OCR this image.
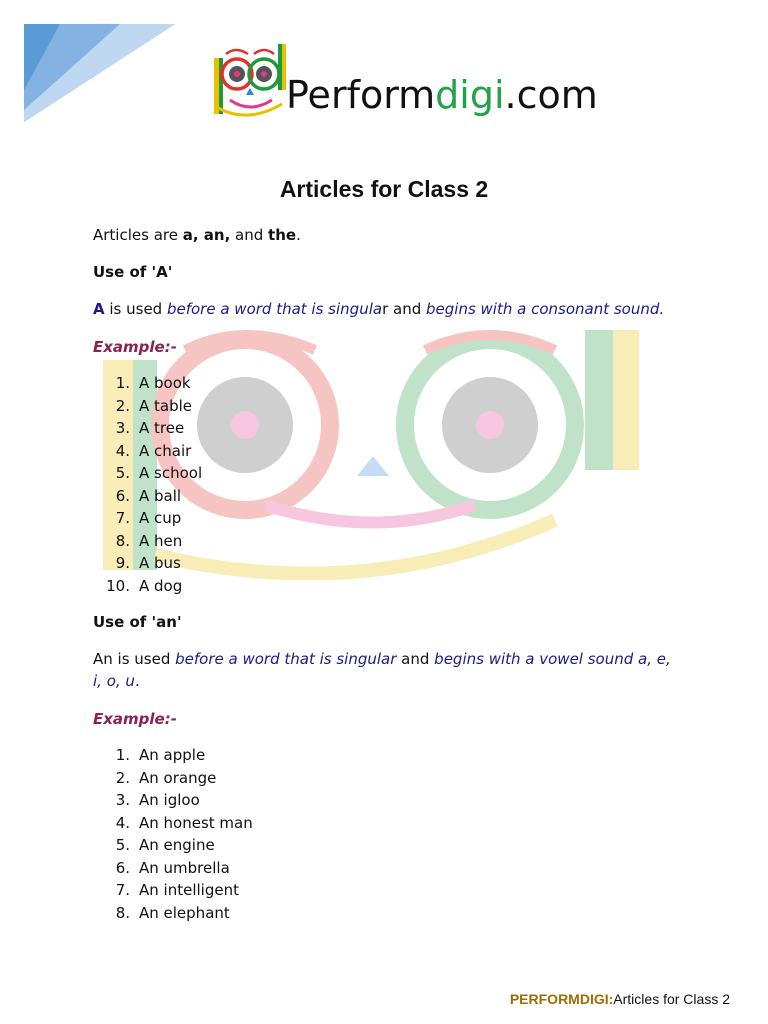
Performdigi.com
Articles for Class 2
Articles are a, an, and the.
Use of 'A'
A is used before a word that is singular and begins with a consonant sound.
Example:-
1. A book
2. A table
3. A tree
4. A chair
5. A school
6. A ball
7. A cup
8. A hen
9. A bus
10. A dog
Use of 'an'
An is used before a word that is singular and begins with a vowel sound a, e, i, o, u.
Example:-
1. An apple
2. An orange
3. An igloo
4. An honest man
5. An engine
6. An umbrella
7. An intelligent
8. An elephant
PERFORMDIGI:Articles for Class 2
